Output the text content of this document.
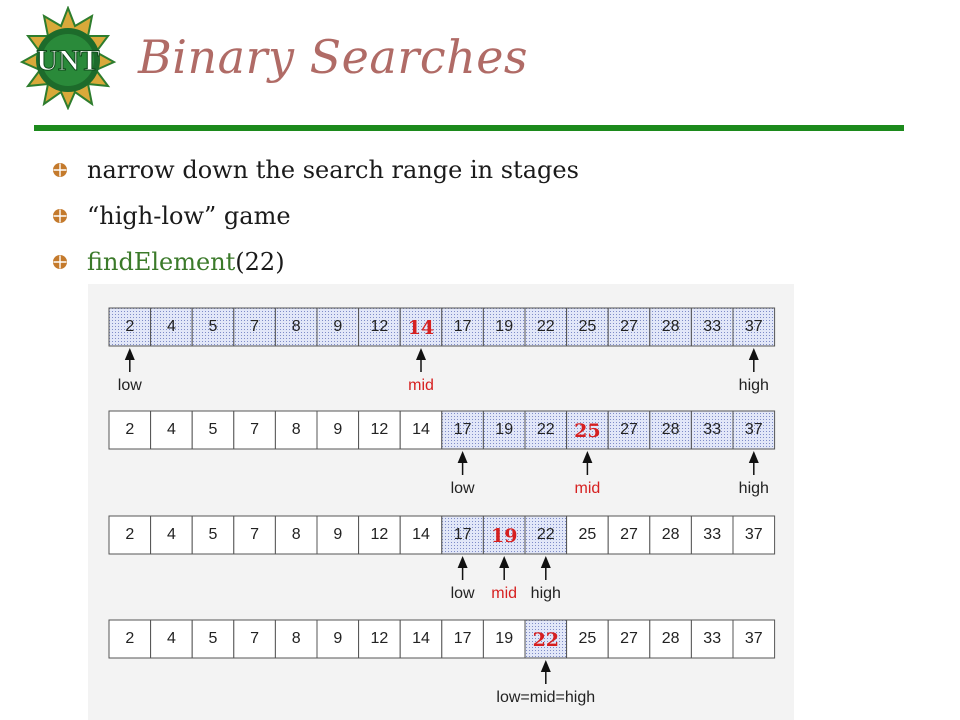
UNT Binary Searches
narrow down the search range in stages
“high-low” game
findElement(22)
2 4 5 7 8 9 12 14 17 19 22 25 27 28 33 37
low	mid	high
2 4 5 7 8 9 12 14 17 19 22 25 27 28 33 37
low	mid	high
2 4 5 7 8 9 12 14 17 19 22 25 27 28 33 37
low mid high
2 4 5 7 8 9 12 14 17 19 22 25 27 28 33 37
low=mid=high
